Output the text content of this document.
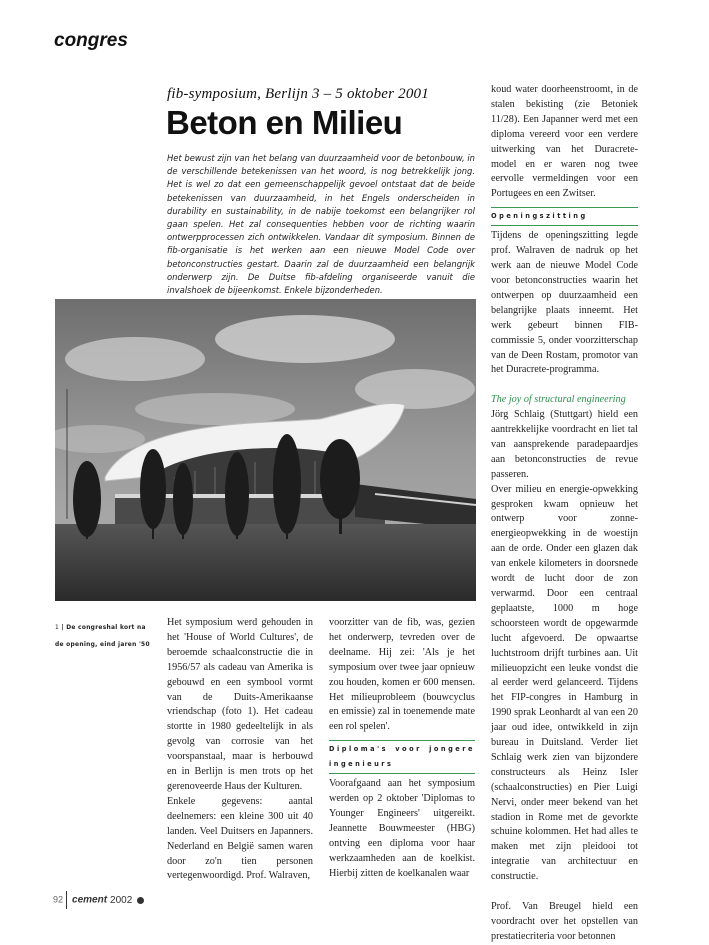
congres
fib-symposium, Berlijn 3 – 5 oktober 2001
Beton en Milieu
Het bewust zijn van het belang van duurzaamheid voor de betonbouw, in de verschillende betekenissen van het woord, is nog betrekkelijk jong. Het is wel zo dat een gemeenschappelijk gevoel ontstaat dat de beide betekenissen van duurzaamheid, in het Engels onderscheiden in durability en sustainability, in de nabije toekomst een belangrijker rol gaan spelen. Het zal consequenties hebben voor de richting waarin ontwerpprocessen zich ontwikkelen. Vandaar dit symposium. Binnen de fib-organisatie is het werken aan een nieuwe Model Code over betonconstructies gestart. Daarin zal de duurzaamheid een belangrijk onderwerp zijn. De Duitse fib-afdeling organiseerde vanuit die invalshoek de bijeenkomst. Enkele bijzonderheden.
1 | De congreshal kort na de opening, eind jaren '50

Het symposium werd gehouden in het 'House of World Cultures', de beroemde schaalconstructie die in 1956/57 als cadeau van Amerika is gebouwd en een symbool vormt van de Duits-Amerikaanse vriendschap (foto 1). Het cadeau stortte in 1980 gedeeltelijk in als gevolg van corrosie van het voorspanstaal, maar is herbouwd en in Berlijn is men trots op het gerenoveerde Haus der Kulturen.

Enkele gegevens: aantal deelnemers: een kleine 300 uit 40 landen. Veel Duitsers en Japanners. Nederland en België samen waren door zo'n tien personen vertegenwoordigd. Prof. Walraven,

voorzitter van de fib, was, gezien het onderwerp, tevreden over de deelname. Hij zei: 'Als je het symposium over twee jaar opnieuw zou houden, komen er 600 mensen. Het milieuprobleem (bouwcyclus en emissie) zal in toenemende mate een rol spelen'.

Diploma's voor jongere ingenieurs

Voorafgaand aan het symposium werden op 2 oktober 'Diplomas to Younger Engineers' uitgereikt. Jeannette Bouwmeester (HBG) ontving een diploma voor haar werkzaamheden aan de koelkist. Hierbij zitten de koelkanalen waar

koud water doorheenstroomt, in de stalen bekisting (zie Betoniek 11/28). Een Japanner werd met een diploma vereerd voor een verdere uitwerking van het Duracrete-model en er waren nog twee eervolle vermeldingen voor een Portugees en een Zwitser.

Openingszitting

Tijdens de openingszitting legde prof. Walraven de nadruk op het werk aan de nieuwe Model Code voor betonconstructies waarin het ontwerpen op duurzaamheid een belangrijke plaats inneemt. Het werk gebeurt binnen FIB-commissie 5, onder voorzitterschap van de Deen Rostam, promotor van het Duracrete-programma.

The joy of structural engineering

Jörg Schlaig (Stuttgart) hield een aantrekkelijke voordracht en liet tal van aansprekende paradepaardjes aan betonconstructies de revue passeren.

Over milieu en energie-opwekking gesproken kwam opnieuw het ontwerp voor zonne-energieopwekking in de woestijn aan de orde. Onder een glazen dak van enkele kilometers in doorsnede wordt de lucht door de zon verwarmd. Door een centraal geplaatste, 1000 m hoge schoorsteen wordt de opgewarmde lucht afgevoerd. De opwaartse luchtstroom drijft turbines aan. Uit milieuopzicht een leuke vondst die al eerder werd gelanceerd. Tijdens het FIP-congres in Hamburg in 1990 sprak Leonhardt al van een 20 jaar oud idee, ontwikkeld in zijn bureau in Duitsland. Verder liet Schlaig werk zien van bijzondere constructeurs als Heinz Isler (schaalconstructies) en Pier Luigi Nervi, onder meer bekend van het stadion in Rome met de gevorkte schuine kolommen. Het had alles te maken met zijn pleidooi tot integratie van architectuur en constructie.

Prof. Van Breugel hield een voordracht over het opstellen van prestatiecriteria voor betonnen

92 cement 2002
